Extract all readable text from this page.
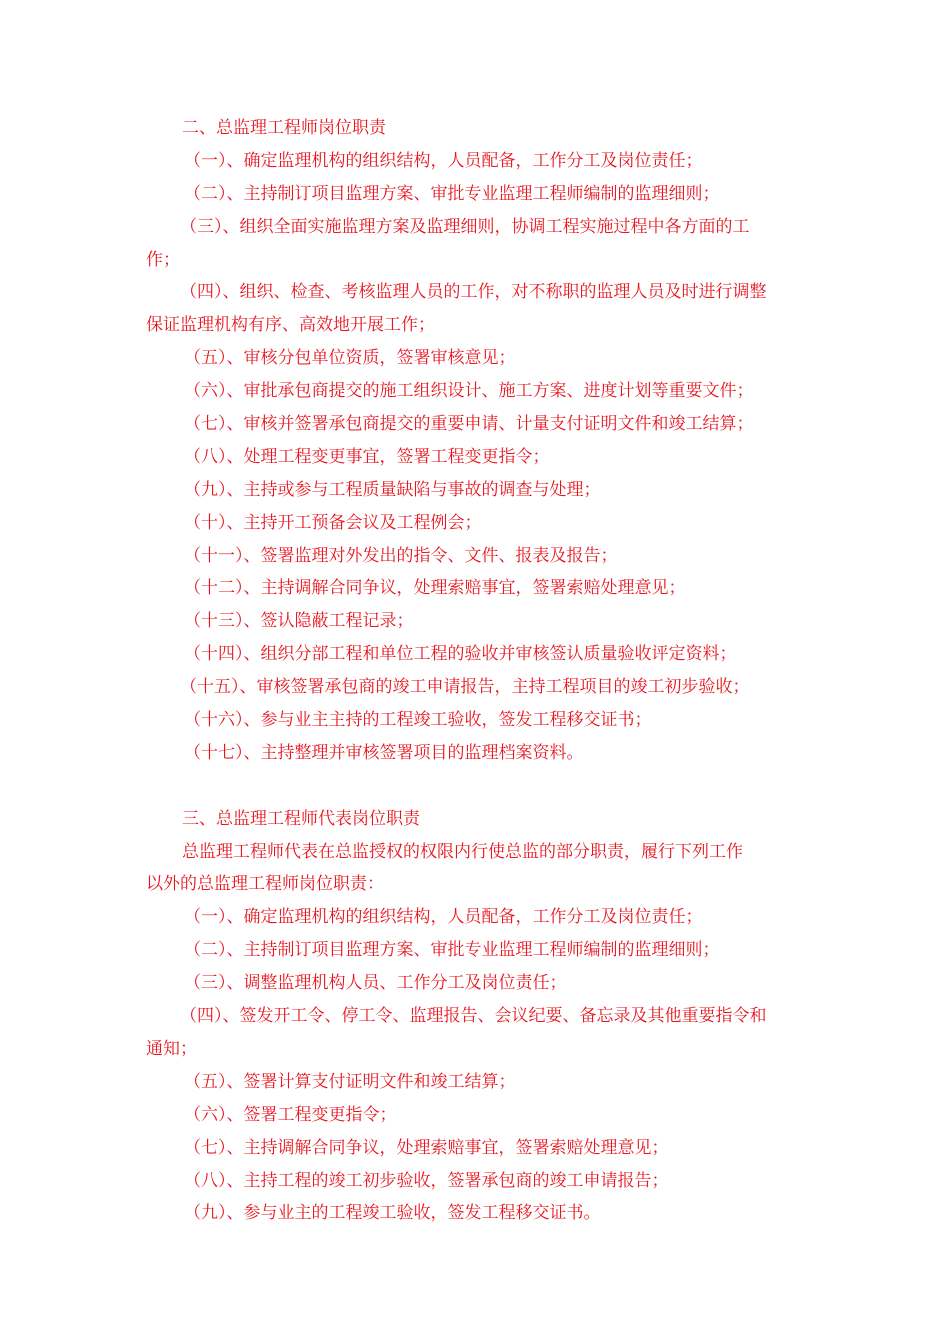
二、总监理工程师岗位职责
（一）、确定监理机构的组织结构，人员配备，工作分工及岗位责任；
（二）、主持制订项目监理方案、审批专业监理工程师编制的监理细则；
（三）、组织全面实施监理方案及监理细则，协调工程实施过程中各方面的工
作；
（四）、组织、检查、考核监理人员的工作，对不称职的监理人员及时进行调整
保证监理机构有序、高效地开展工作；
（五）、审核分包单位资质，签署审核意见；
（六）、审批承包商提交的施工组织设计、施工方案、进度计划等重要文件；
（七）、审核并签署承包商提交的重要申请、计量支付证明文件和竣工结算；
（八）、处理工程变更事宜，签署工程变更指令；
（九）、主持或参与工程质量缺陷与事故的调查与处理；
（十）、主持开工预备会议及工程例会；
（十一）、签署监理对外发出的指令、文件、报表及报告；
（十二）、主持调解合同争议，处理索赔事宜，签署索赔处理意见；
（十三）、签认隐蔽工程记录；
（十四）、组织分部工程和单位工程的验收并审核签认质量验收评定资料；
（十五）、审核签署承包商的竣工申请报告，主持工程项目的竣工初步验收；
（十六）、参与业主主持的工程竣工验收，签发工程移交证书；
（十七）、主持整理并审核签署项目的监理档案资料。
三、总监理工程师代表岗位职责
总监理工程师代表在总监授权的权限内行使总监的部分职责，履行下列工作
以外的总监理工程师岗位职责：
（一）、确定监理机构的组织结构，人员配备，工作分工及岗位责任；
（二）、主持制订项目监理方案、审批专业监理工程师编制的监理细则；
（三）、调整监理机构人员、工作分工及岗位责任；
（四）、签发开工令、停工令、监理报告、会议纪要、备忘录及其他重要指令和
通知；
（五）、签署计算支付证明文件和竣工结算；
（六）、签署工程变更指令；
（七）、主持调解合同争议，处理索赔事宜，签署索赔处理意见；
（八）、主持工程的竣工初步验收，签署承包商的竣工申请报告；
（九）、参与业主的工程竣工验收，签发工程移交证书。
